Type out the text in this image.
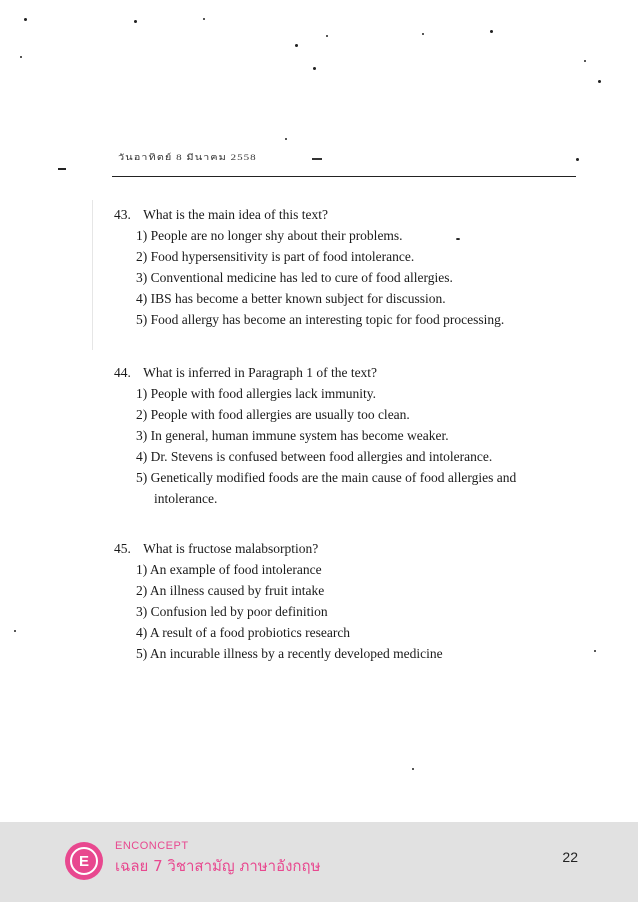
วันอาทิตย์ 8 มีนาคม 2558
43. What is the main idea of this text?
1) People are no longer shy about their problems.
2) Food hypersensitivity is part of food intolerance.
3) Conventional medicine has led to cure of food allergies.
4) IBS has become a better known subject for discussion.
5) Food allergy has become an interesting topic for food processing.
44. What is inferred in Paragraph 1 of the text?
1) People with food allergies lack immunity.
2) People with food allergies are usually too clean.
3) In general, human immune system has become weaker.
4) Dr. Stevens is confused between food allergies and intolerance.
5) Genetically modified foods are the main cause of food allergies and
intolerance.
45. What is fructose malabsorption?
1) An example of food intolerance
2) An illness caused by fruit intake
3) Confusion led by poor definition
4) A result of a food probiotics research
5) An incurable illness by a recently developed medicine
E
ENCONCEPT
เฉลย 7 วิชาสามัญ ภาษาอังกฤษ	22
